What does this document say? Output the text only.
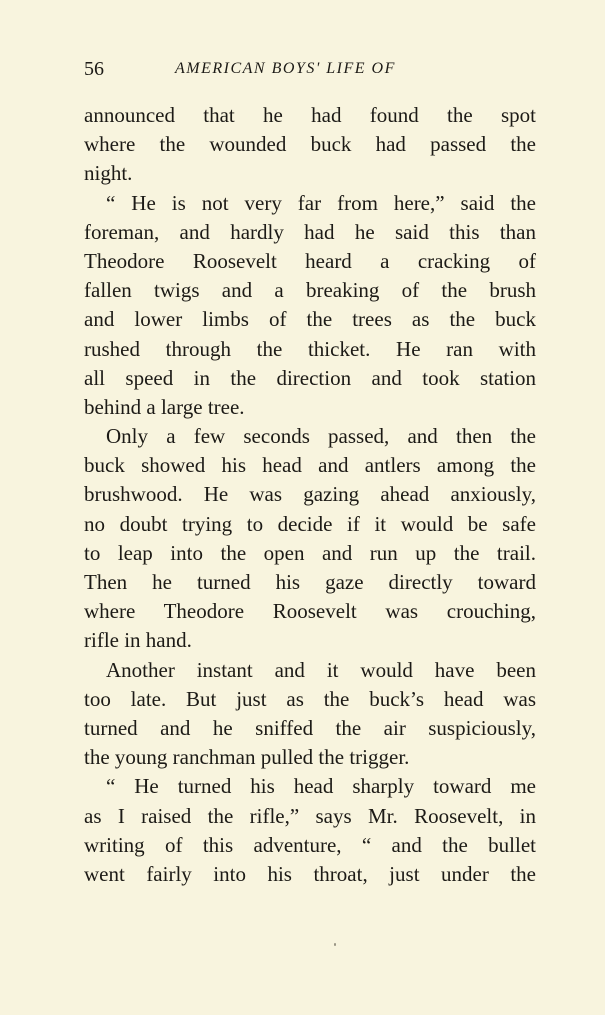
56	AMERICAN BOYS' LIFE OF
announced that he had found the spot
where the wounded buck had passed the
night.
“ He is not very far from here,” said the
foreman, and hardly had he said this than
Theodore Roosevelt heard a cracking of
fallen twigs and a breaking of the brush
and lower limbs of the trees as the buck
rushed through the thicket. He ran with
all speed in the direction and took station
behind a large tree.
Only a few seconds passed, and then the
buck showed his head and antlers among the
brushwood. He was gazing ahead anxiously,
no doubt trying to decide if it would be safe
to leap into the open and run up the trail.
Then he turned his gaze directly toward
where Theodore Roosevelt was crouching,
rifle in hand.
Another instant and it would have been
too late. But just as the buck’s head was
turned and he sniffed the air suspiciously,
the young ranchman pulled the trigger.
“ He turned his head sharply toward me
as I raised the rifle,” says Mr. Roosevelt, in
writing of this adventure, “ and the bullet
went fairly into his throat, just under the
